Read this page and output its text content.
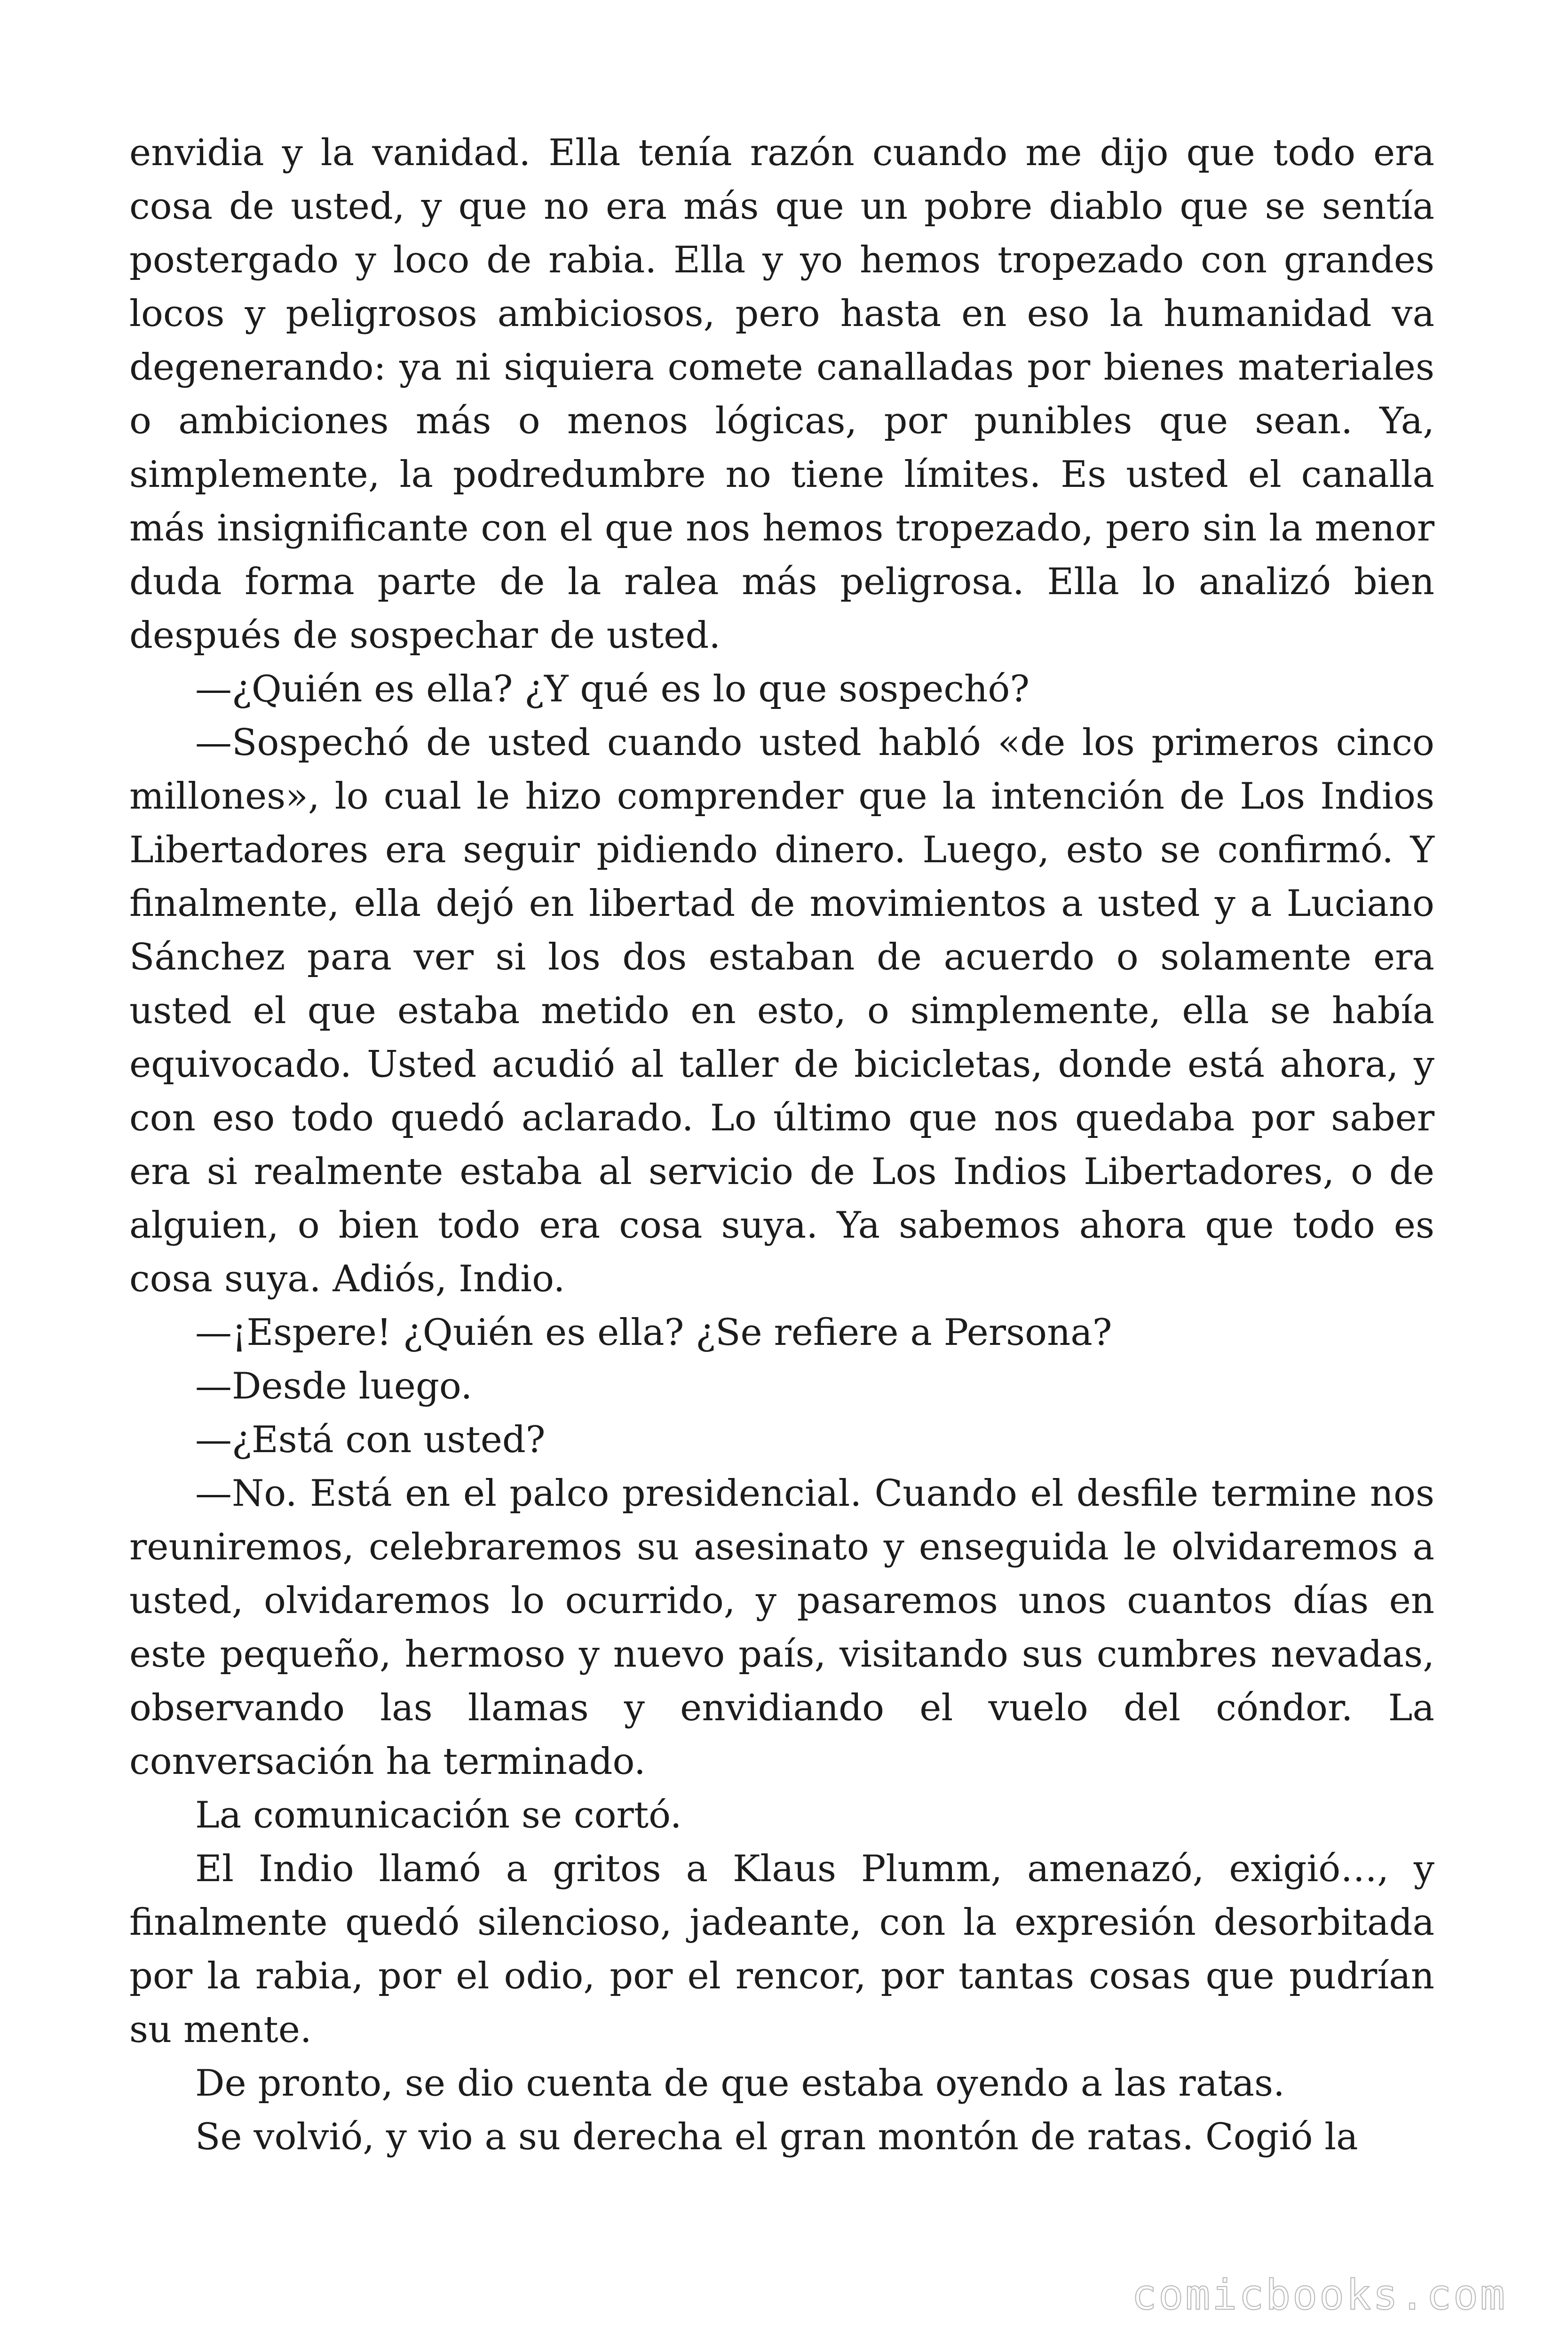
envidia y la vanidad. Ella tenía razón cuando me dijo que todo era cosa de usted, y que no era más que un pobre diablo que se sentía postergado y loco de rabia. Ella y yo hemos tropezado con grandes locos y peligrosos ambiciosos, pero hasta en eso la humanidad va degenerando: ya ni siquiera comete canalladas por bienes materiales o ambiciones más o menos lógicas, por punibles que sean. Ya, simplemente, la podredumbre no tiene límites. Es usted el canalla más insignificante con el que nos hemos tropezado, pero sin la menor duda forma parte de la ralea más peligrosa. Ella lo analizó bien después de sospechar de usted.

—¿Quién es ella? ¿Y qué es lo que sospechó?

—Sospechó de usted cuando usted habló «de los primeros cinco millones», lo cual le hizo comprender que la intención de Los Indios Libertadores era seguir pidiendo dinero. Luego, esto se confirmó. Y finalmente, ella dejó en libertad de movimientos a usted y a Luciano Sánchez para ver si los dos estaban de acuerdo o solamente era usted el que estaba metido en esto, o simplemente, ella se había equivocado. Usted acudió al taller de bicicletas, donde está ahora, y con eso todo quedó aclarado. Lo último que nos quedaba por saber era si realmente estaba al servicio de Los Indios Libertadores, o de alguien, o bien todo era cosa suya. Ya sabemos ahora que todo es cosa suya. Adiós, Indio.

—¡Espere! ¿Quién es ella? ¿Se refiere a Persona?

—Desde luego.

—¿Está con usted?

—No. Está en el palco presidencial. Cuando el desfile termine nos reuniremos, celebraremos su asesinato y enseguida le olvidaremos a usted, olvidaremos lo ocurrido, y pasaremos unos cuantos días en este pequeño, hermoso y nuevo país, visitando sus cumbres nevadas, observando las llamas y envidiando el vuelo del cóndor. La conversación ha terminado.

La comunicación se cortó.

El Indio llamó a gritos a Klaus Plumm, amenazó, exigió…, y finalmente quedó silencioso, jadeante, con la expresión desorbitada por la rabia, por el odio, por el rencor, por tantas cosas que pudrían su mente.

De pronto, se dio cuenta de que estaba oyendo a las ratas.

Se volvió, y vio a su derecha el gran montón de ratas. Cogió la

comicbooks.com
